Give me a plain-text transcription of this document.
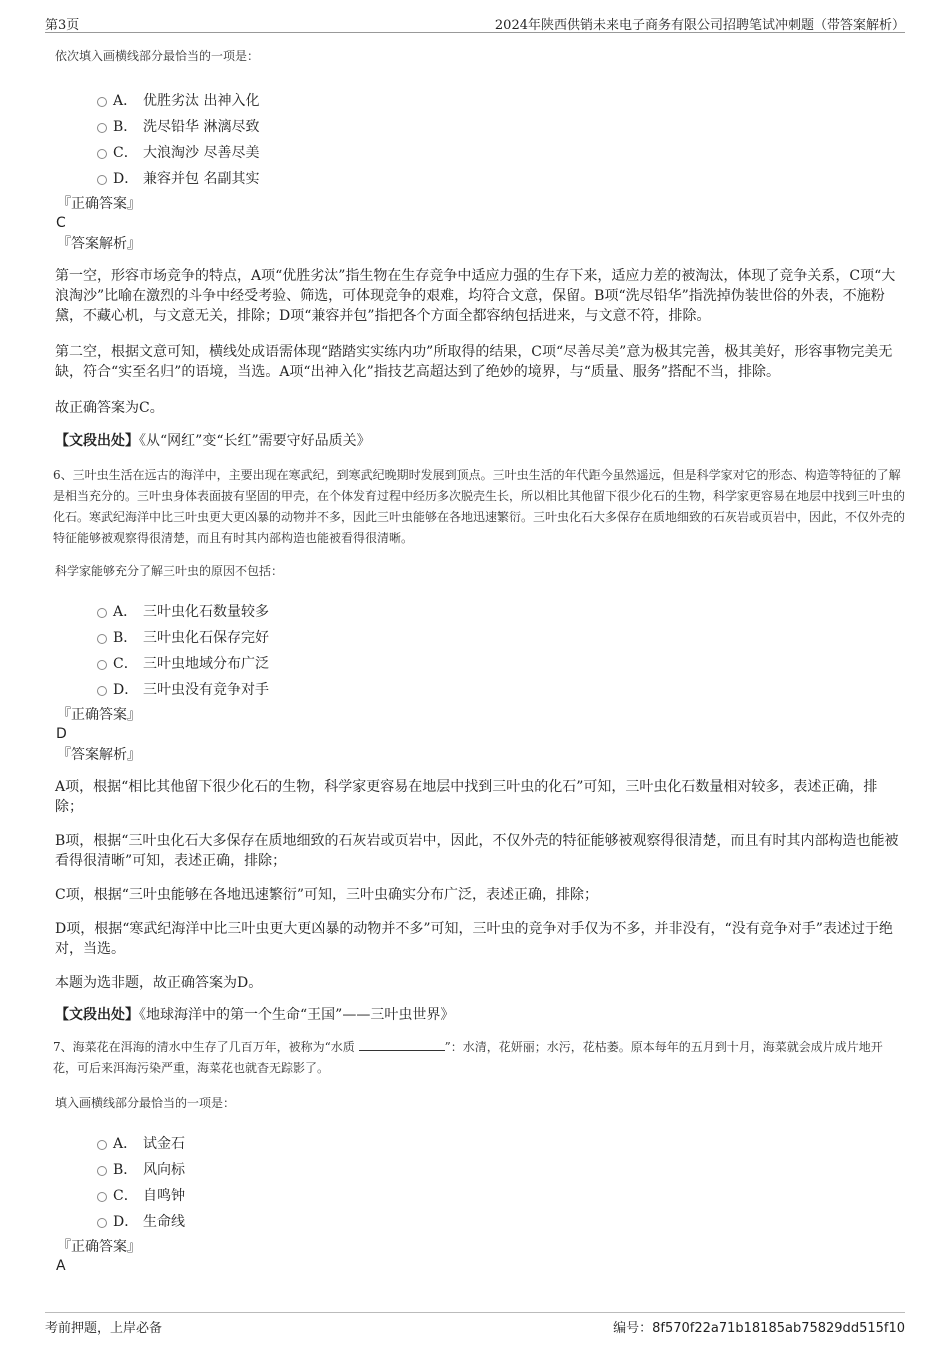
第3页	2024年陕西供销未来电子商务有限公司招聘笔试冲刺题（带答案解析）
依次填入画横线部分最恰当的一项是：
A． 优胜劣汰 出神入化
B． 洗尽铅华 淋漓尽致
C． 大浪淘沙 尽善尽美
D． 兼容并包 名副其实
『正确答案』
C
『答案解析』

第一空，形容市场竞争的特点，A项“优胜劣汰”指生物在生存竞争中适应力强的生存下来，适应力差的被淘汰，体现了竞争关系，C项“大浪淘沙”比喻在激烈的斗争中经受考验、筛选，可体现竞争的艰难，均符合文意，保留。B项“洗尽铅华”指洗掉伪装世俗的外表，不施粉黛，不藏心机，与文意无关，排除；D项“兼容并包”指把各个方面全都容纳包括进来，与文意不符，排除。

第二空，根据文意可知，横线处成语需体现“踏踏实实练内功”所取得的结果，C项“尽善尽美”意为极其完善，极其美好，形容事物完美无缺，符合“实至名归”的语境，当选。A项“出神入化”指技艺高超达到了绝妙的境界，与“质量、服务”搭配不当，排除。

故正确答案为C。

【文段出处】《从“网红”变“长红”需要守好品质关》

6、三叶虫生活在远古的海洋中，主要出现在寒武纪，到寒武纪晚期时发展到顶点。三叶虫生活的年代距今虽然遥远，但是科学家对它的形态、构造等特征的了解是相当充分的。三叶虫身体表面披有坚固的甲壳，在个体发育过程中经历多次脱壳生长，所以相比其他留下很少化石的生物，科学家更容易在地层中找到三叶虫的化石。寒武纪海洋中比三叶虫更大更凶暴的动物并不多，因此三叶虫能够在各地迅速繁衍。三叶虫化石大多保存在质地细致的石灰岩或页岩中，因此，不仅外壳的特征能够被观察得很清楚，而且有时其内部构造也能被看得很清晰。

科学家能够充分了解三叶虫的原因不包括：
A． 三叶虫化石数量较多
B． 三叶虫化石保存完好
C． 三叶虫地域分布广泛
D． 三叶虫没有竞争对手
『正确答案』
D
『答案解析』

A项，根据“相比其他留下很少化石的生物，科学家更容易在地层中找到三叶虫的化石”可知，三叶虫化石数量相对较多，表述正确，排除；

B项，根据“三叶虫化石大多保存在质地细致的石灰岩或页岩中，因此，不仅外壳的特征能够被观察得很清楚，而且有时其内部构造也能被看得很清晰”可知，表述正确，排除；

C项，根据“三叶虫能够在各地迅速繁衍”可知，三叶虫确实分布广泛，表述正确，排除；

D项，根据“寒武纪海洋中比三叶虫更大更凶暴的动物并不多”可知，三叶虫的竞争对手仅为不多，并非没有，“没有竞争对手”表述过于绝对，当选。

本题为选非题，故正确答案为D。

【文段出处】《地球海洋中的第一个生命“王国”——三叶虫世界》

7、海菜花在洱海的清水中生存了几百万年，被称为“水质	”：水清，花妍丽；水污，花枯萎。原本每年的五月到十月，海菜就会成片成片地开花，可后来洱海污染严重，海菜花也就杳无踪影了。

填入画横线部分最恰当的一项是：
A． 试金石
B． 风向标
C． 自鸣钟
D． 生命线
『正确答案』
A
考前押题，上岸必备	编号：8f570f22a71b18185ab75829dd515f10
